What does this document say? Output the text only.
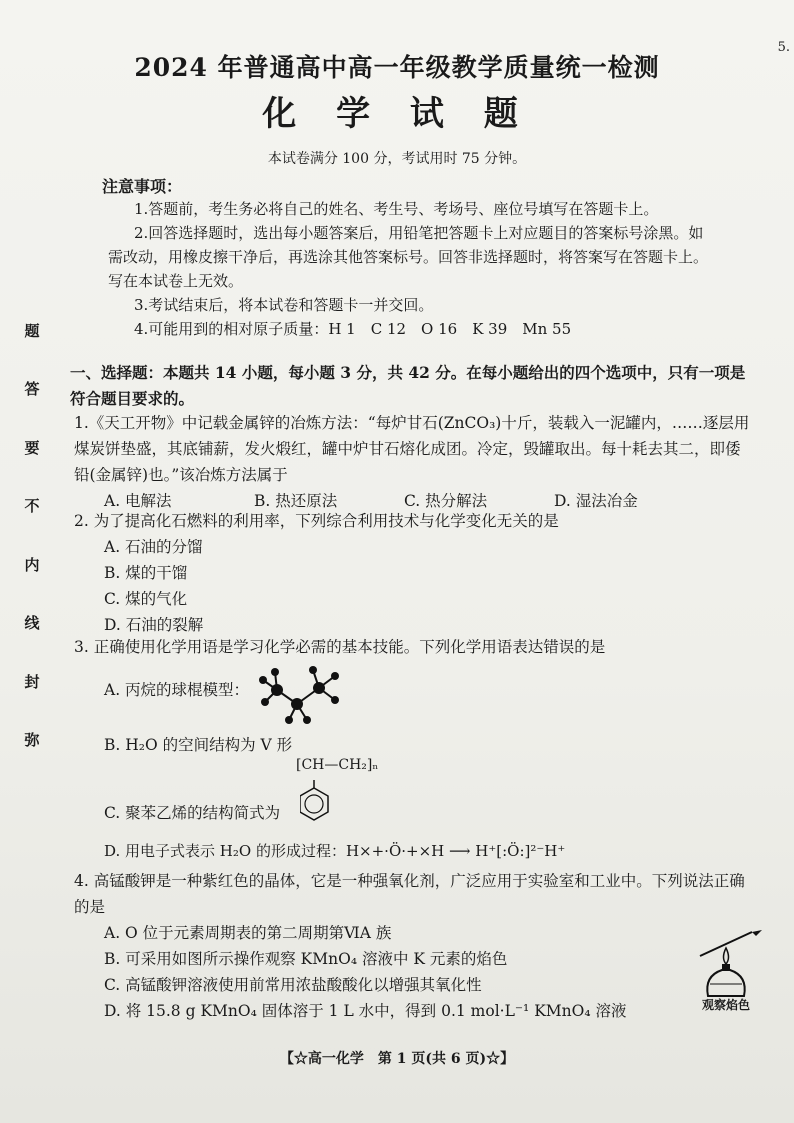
5.
题
答
要
不
内
线
封
弥
2024 年普通高中高一年级教学质量统一检测
化 学 试 题
本试卷满分 100 分，考试用时 75 分钟。
注意事项：

1.答题前，考生务必将自己的姓名、考生号、考场号、座位号填写在答题卡上。

2.回答选择题时，选出每小题答案后，用铅笔把答题卡上对应题目的答案标号涂黑。如需改动，用橡皮擦干净后，再选涂其他答案标号。回答非选择题时，将答案写在答题卡上。写在本试卷上无效。

3.考试结束后，将本试卷和答题卡一并交回。

4.可能用到的相对原子质量：H 1　C 12　O 16　K 39　Mn 55

一、选择题：本题共 14 小题，每小题 3 分，共 42 分。在每小题给出的四个选项中，只有一项是符合题目要求的。
1.《天工开物》中记载金属锌的冶炼方法：“每炉甘石(ZnCO₃)十斤，装载入一泥罐内，……逐层用煤炭饼垫盛，其底铺薪，发火煅红，罐中炉甘石熔化成团。冷定，毁罐取出。每十耗去其二，即倭铅(金属锌)也。”该冶炼方法属于
A. 电解法	B. 热还原法	C. 热分解法	D. 湿法冶金
2. 为了提高化石燃料的利用率，下列综合利用技术与化学变化无关的是
A. 石油的分馏
B. 煤的干馏
C. 煤的气化
D. 石油的裂解
3. 正确使用化学用语是学习化学必需的基本技能。下列化学用语表达错误的是
A. 丙烷的球棍模型：
B. H₂O 的空间结构为 V 形
[CH—CH₂]ₙ
C. 聚苯乙烯的结构简式为
D. 用电子式表示 H₂O 的形成过程：H×+·Ö·+×H ⟶ H⁺[:Ö:]²⁻H⁺
4. 高锰酸钾是一种紫红色的晶体，它是一种强氧化剂，广泛应用于实验室和工业中。下列说法正确的是
A. O 位于元素周期表的第二周期第ⅥA 族
B. 可采用如图所示操作观察 KMnO₄ 溶液中 K 元素的焰色
C. 高锰酸钾溶液使用前常用浓盐酸酸化以增强其氧化性
D. 将 15.8 g KMnO₄ 固体溶于 1 L 水中，得到 0.1 mol·L⁻¹ KMnO₄ 溶液	观察焰色
【☆高一化学　第 1 页(共 6 页)☆】
